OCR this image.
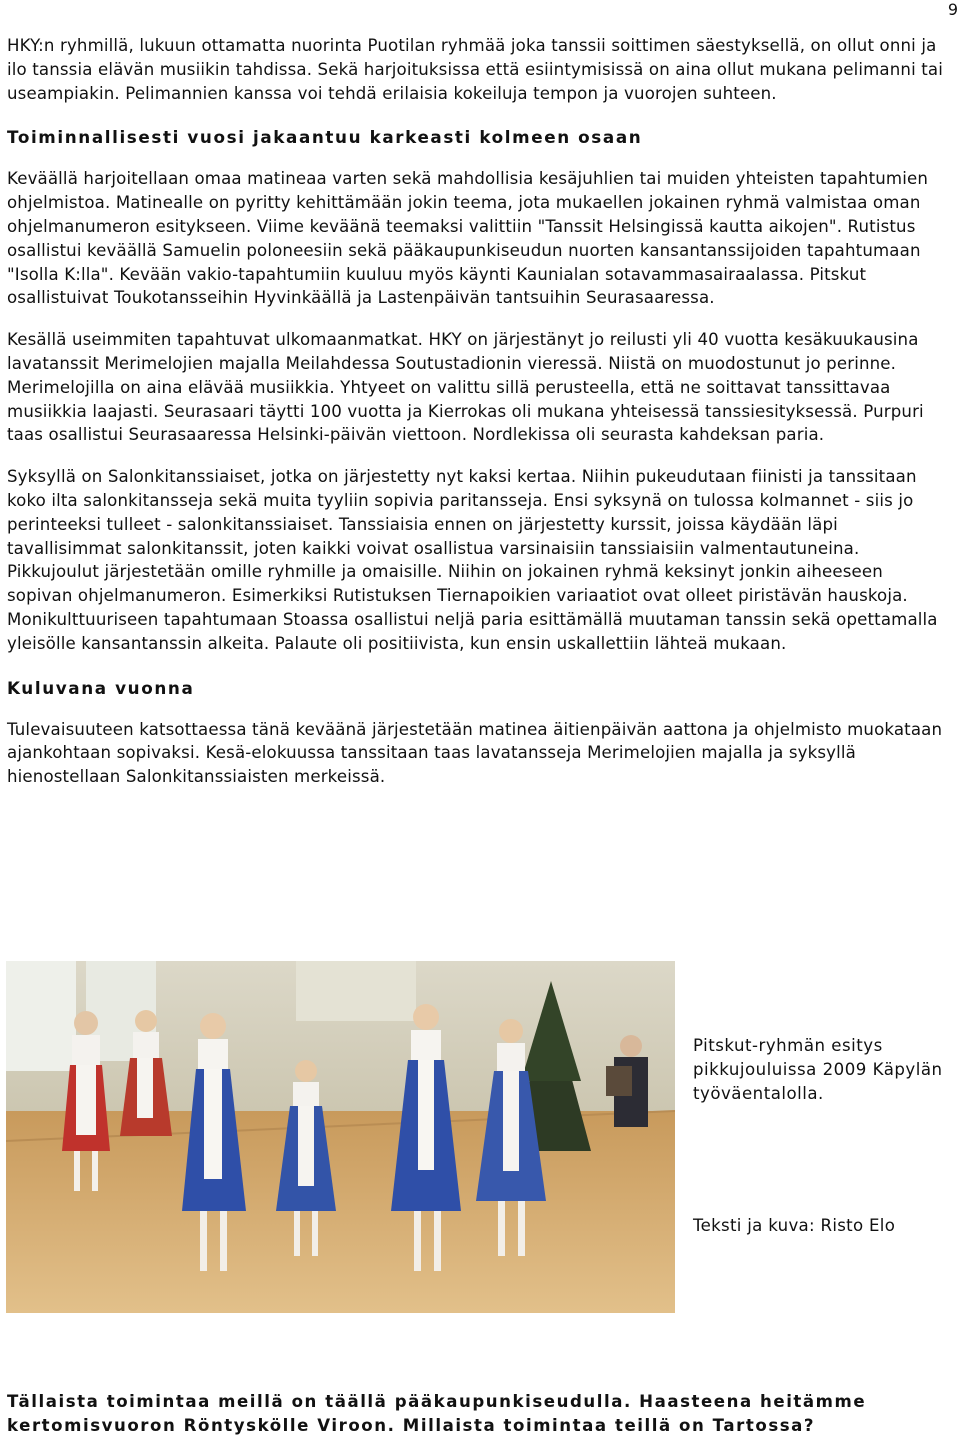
9

HKY:n ryhmillä, lukuun ottamatta nuorinta Puotilan ryhmää joka tanssii soittimen säestyksellä, on ollut onni ja ilo tanssia elävän musiikin tahdissa. Sekä harjoituksissa että esiintymisissä on aina ollut mukana pelimanni tai useampiakin. Pelimannien kanssa voi tehdä erilaisia kokeiluja tempon ja vuorojen suhteen.

Toiminnallisesti vuosi jakaantuu karkeasti kolmeen osaan

Keväällä harjoitellaan omaa matineaa varten sekä mahdollisia kesäjuhlien tai muiden yhteisten tapahtumien ohjelmistoa. Matinealle on pyritty kehittämään jokin teema, jota mukaellen jokainen ryhmä valmistaa oman ohjelmanumeron esitykseen. Viime keväänä teemaksi valittiin "Tanssit Helsingissä kautta aikojen". Rutistus osallistui keväällä Samuelin poloneesiin sekä pääkaupunkiseudun nuorten kansantanssijoiden tapahtumaan "Isolla K:lla". Kevään vakio-tapahtumiin kuuluu myös käynti Kaunialan sotavammasairaalassa. Pitskut osallistuivat Toukotansseihin Hyvinkäällä ja Lastenpäivän tantsuihin Seurasaaressa.

Kesällä useimmiten tapahtuvat ulkomaanmatkat. HKY on järjestänyt jo reilusti yli 40 vuotta kesäkuukausina lavatanssit Merimelojien majalla Meilahdessa Soutustadionin vieressä. Niistä on muodostunut jo perinne. Merimelojilla on aina elävää musiikkia. Yhtyeet on valittu sillä perusteella, että ne soittavat tanssittavaa musiikkia laajasti. Seurasaari täytti 100 vuotta ja Kierrokas oli mukana yhteisessä tanssiesityksessä. Purpuri taas osallistui Seurasaaressa Helsinki-päivän viettoon. Nordlekissa oli seurasta kahdeksan paria.

Syksyllä on Salonkitanssiaiset, jotka on järjestetty nyt kaksi kertaa. Niihin pukeudutaan fiinisti ja tanssitaan koko ilta salonkitansseja sekä muita tyyliin sopivia paritansseja. Ensi syksynä on tulossa kolmannet - siis jo perinteeksi tulleet - salonkitanssiaiset. Tanssiaisia ennen on järjestetty kurssit, joissa käydään läpi tavallisimmat salonkitanssit, joten kaikki voivat osallistua varsinaisiin tanssiaisiin valmentautuneina. Pikkujoulut järjestetään omille ryhmille ja omaisille. Niihin on jokainen ryhmä keksinyt jonkin aiheeseen sopivan ohjelmanumeron. Esimerkiksi Rutistuksen Tiernapoikien variaatiot ovat olleet piristävän hauskoja. Monikulttuuriseen tapahtumaan Stoassa osallistui neljä paria esittämällä muutaman tanssin sekä opettamalla yleisölle kansantanssin alkeita. Palaute oli positiivista, kun ensin uskallettiin lähteä mukaan.

Kuluvana vuonna

Tulevaisuuteen katsottaessa tänä keväänä järjestetään matinea äitienpäivän aattona ja ohjelmisto muokataan ajankohtaan sopivaksi. Kesä-elokuussa tanssitaan taas lavatansseja Merimelojien majalla ja syksyllä hienostellaan Salonkitanssiaisten merkeissä.

Pitskut-ryhmän esitys pikkujouluissa 2009 Käpylän työväentalolla.
Teksti ja kuva: Risto Elo
Tällaista toimintaa meillä on täällä pääkaupunkiseudulla. Haasteena heitämme kertomisvuoron Röntyskölle Viroon. Millaista toimintaa teillä on Tartossa?
